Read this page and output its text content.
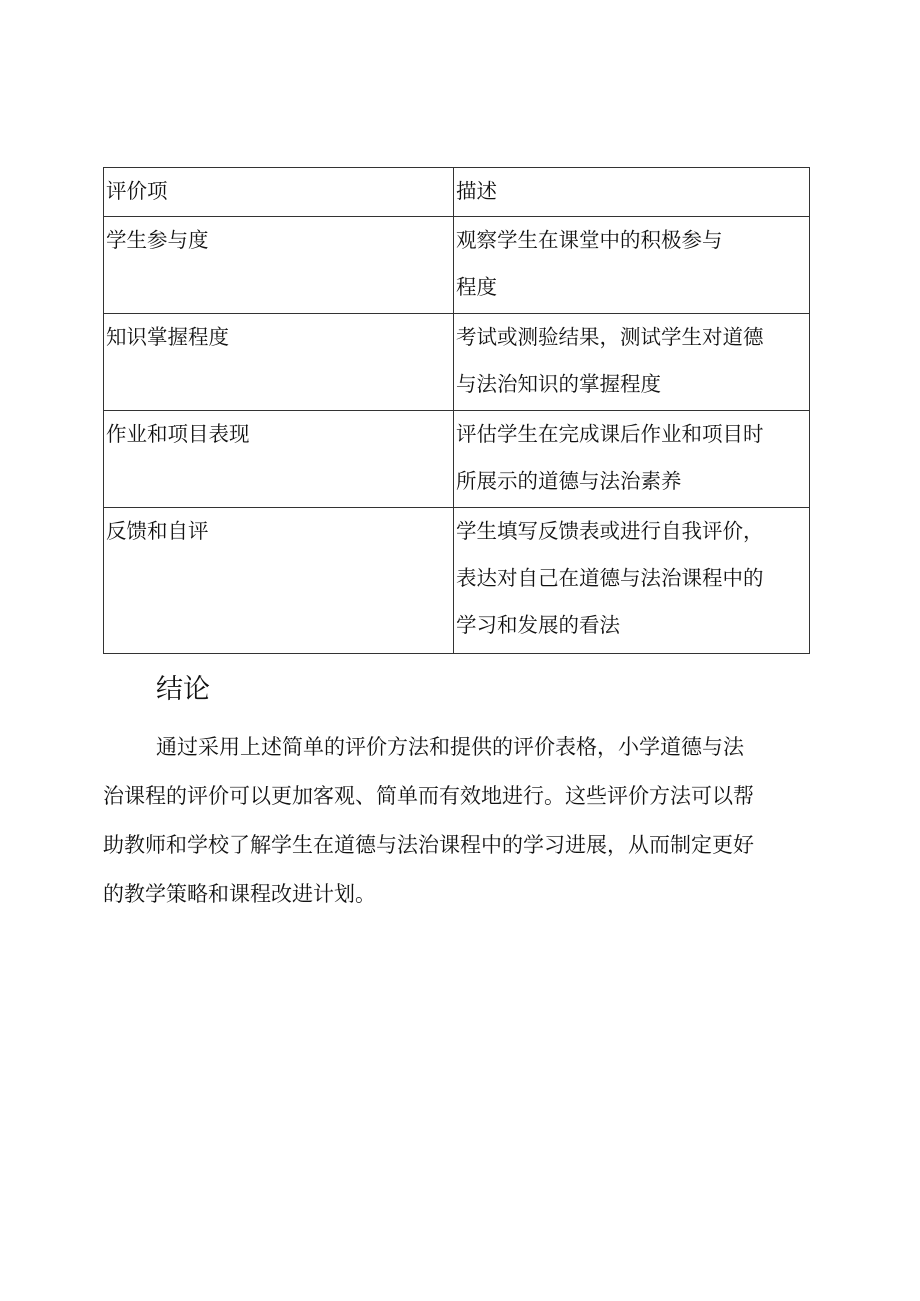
评价项	描述
学生参与度	观察学生在课堂中的积极参与
程度

知识掌握程度	考试或测验结果，测试学生对道德
与法治知识的掌握程度

作业和项目表现	评估学生在完成课后作业和项目时
所展示的道德与法治素养

反馈和自评	学生填写反馈表或进行自我评价，
表达对自己在道德与法治课程中的
学习和发展的看法
结论

通过采用上述简单的评价方法和提供的评价表格，小学道德与法
治课程的评价可以更加客观、简单而有效地进行。这些评价方法可以帮
助教师和学校了解学生在道德与法治课程中的学习进展，从而制定更好
的教学策略和课程改进计划。
